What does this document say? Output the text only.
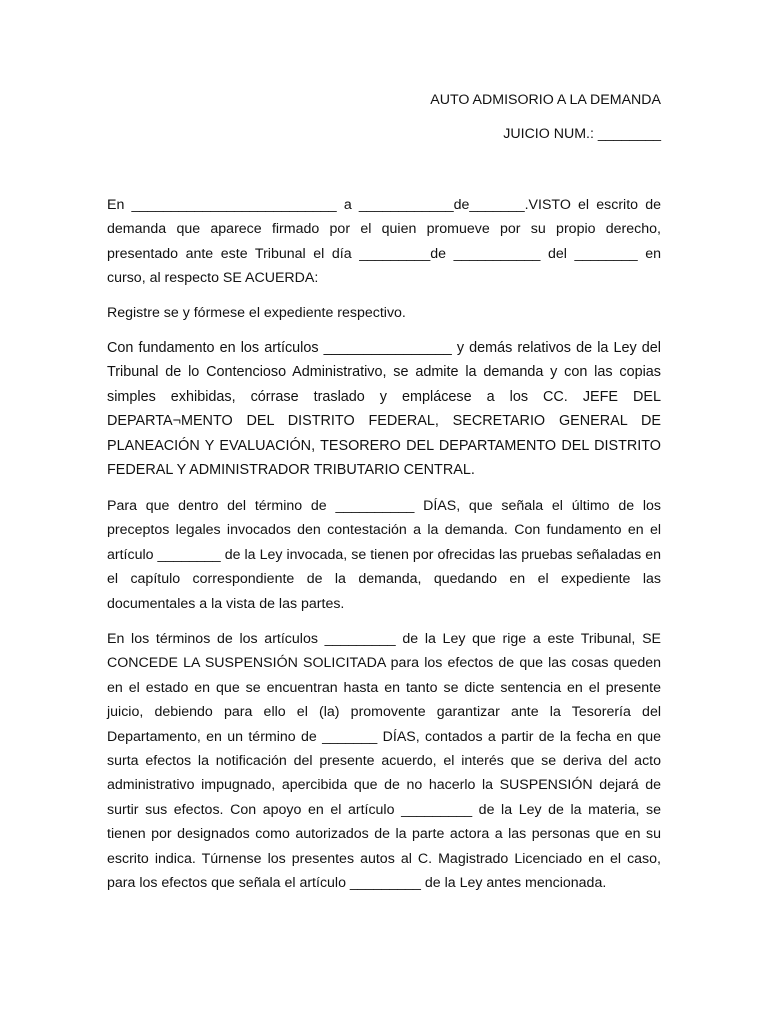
AUTO ADMISORIO A LA DEMANDA
JUICIO NUM.: ________

En __________________________ a ____________de_______.VISTO el escrito de demanda que aparece firmado por el quien promueve por su propio derecho, presentado ante este Tribunal el día _________de ___________ del ________ en curso, al respecto SE ACUERDA:

Registre se y fórmese el expediente respectivo.

Con fundamento en los artículos ________________ y demás relativos de la Ley del Tribunal de lo Contencioso Administrativo, se admite la demanda y con las copias simples exhibidas, córrase traslado y emplácese a los CC. JEFE DEL DEPARTA¬MENTO DEL DISTRITO FEDERAL, SECRETARIO GENERAL DE PLANEACIÓN Y EVALUACIÓN, TESORERO DEL DEPARTAMENTO DEL DISTRITO FEDERAL Y ADMINISTRADOR TRIBUTARIO CENTRAL.

Para que dentro del término de __________ DÍAS, que señala el último de los preceptos legales invocados den contestación a la demanda. Con fundamento en el artículo ________ de la Ley invocada, se tienen por ofrecidas las pruebas señaladas en el capítulo correspondiente de la demanda, quedando en el expediente las documentales a la vista de las partes.

En los términos de los artículos _________ de la Ley que rige a este Tribunal, SE CONCEDE LA SUSPENSIÓN SOLICITADA para los efectos de que las cosas queden en el estado en que se encuentran hasta en tanto se dicte sentencia en el presente juicio, debiendo para ello el (la) promovente garantizar ante la Tesorería del Departamento, en un término de _______ DÍAS, contados a partir de la fecha en que surta efectos la notificación del presente acuerdo, el interés que se deriva del acto administrativo impugnado, apercibida que de no hacerlo la SUSPENSIÓN dejará de surtir sus efectos. Con apoyo en el artículo _________ de la Ley de la materia, se tienen por designados como autorizados de la parte actora a las personas que en su escrito indica. Túrnense los presentes autos al C. Magistrado Licenciado en el caso, para los efectos que señala el artículo _________ de la Ley antes mencionada.
